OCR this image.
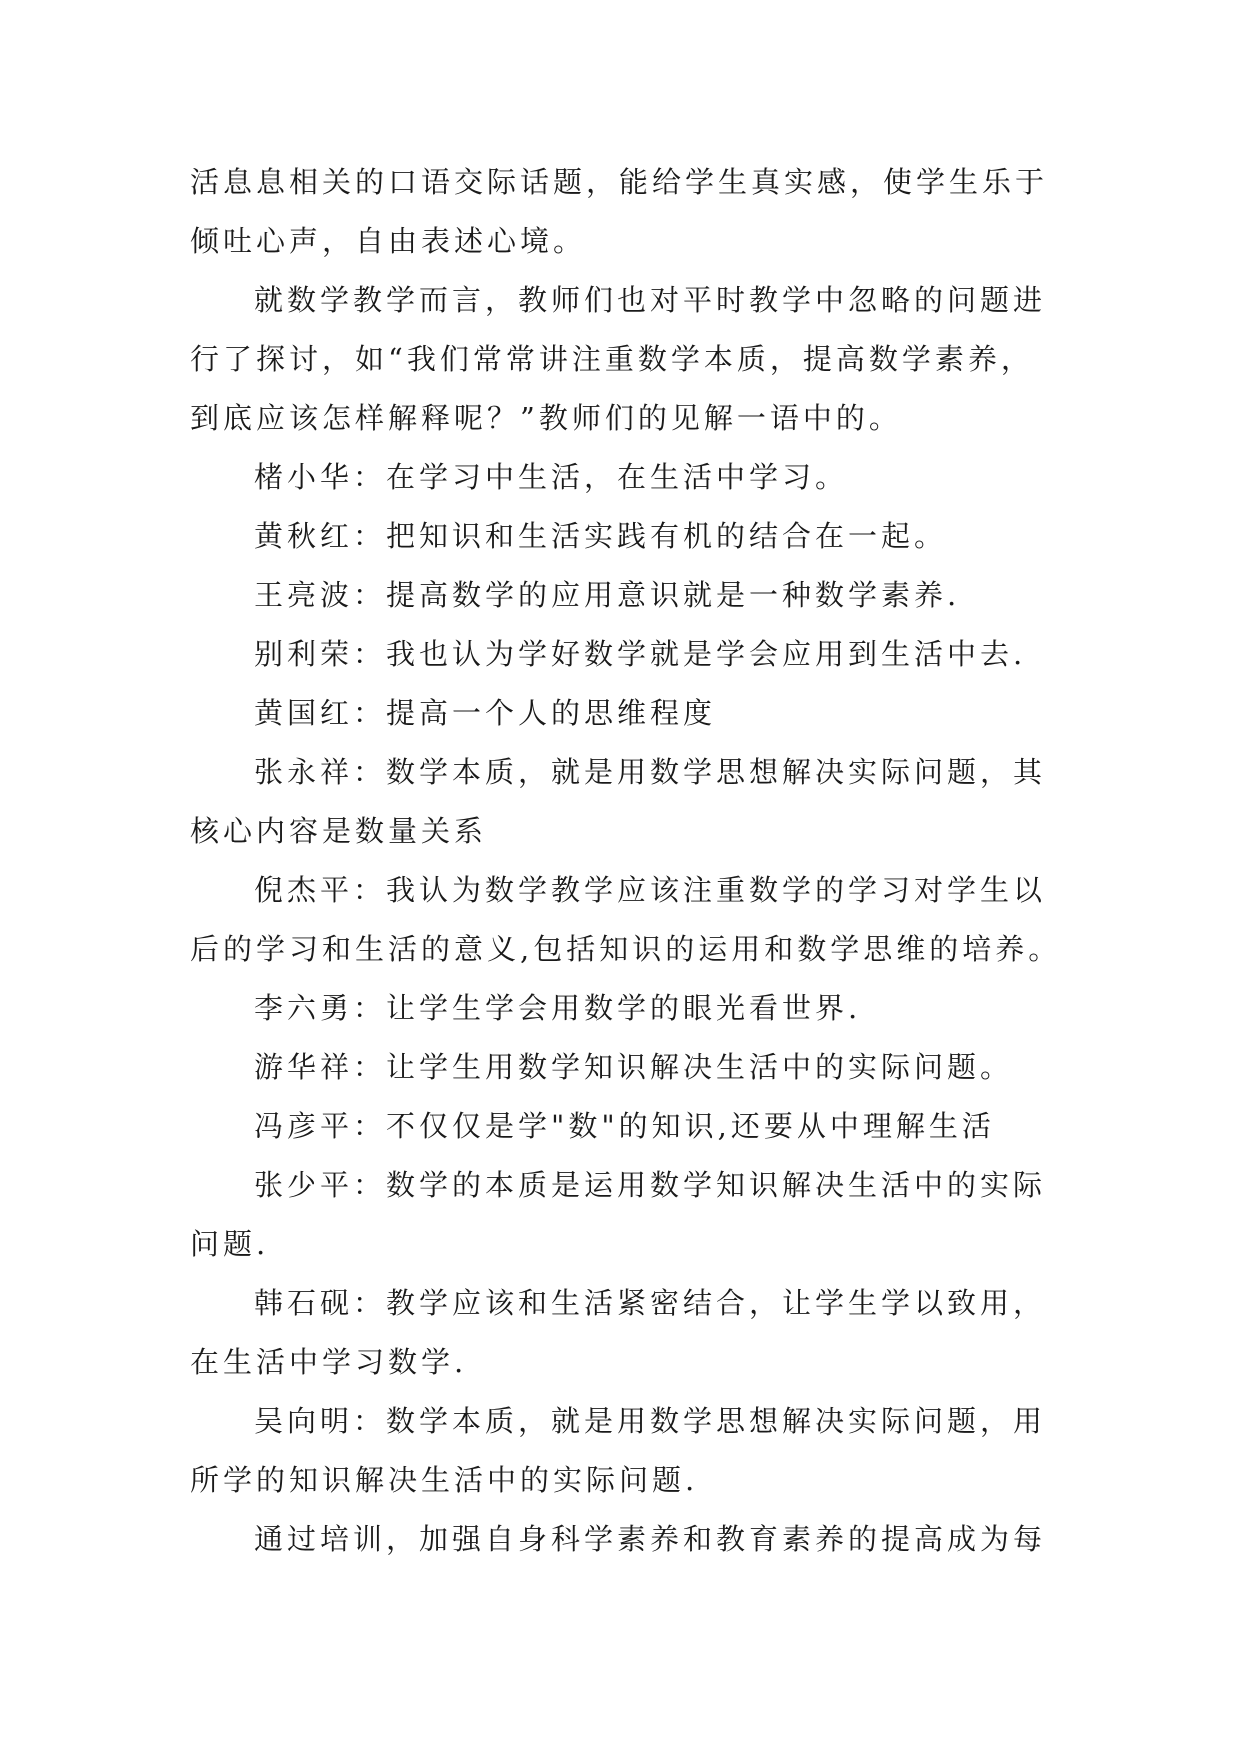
活息息相关的口语交际话题，能给学生真实感，使学生乐于
倾吐心声，自由表述心境。

就数学教学而言，教师们也对平时教学中忽略的问题进
行了探讨，如“我们常常讲注重数学本质，提高数学素养，
到底应该怎样解释呢？”教师们的见解一语中的。

楮小华：在学习中生活，在生活中学习。

黄秋红：把知识和生活实践有机的结合在一起。

王亮波：提高数学的应用意识就是一种数学素养.

别利荣：我也认为学好数学就是学会应用到生活中去.

黄国红：提高一个人的思维程度

张永祥：数学本质，就是用数学思想解决实际问题，其
核心内容是数量关系

倪杰平：我认为数学教学应该注重数学的学习对学生以
后的学习和生活的意义,包括知识的运用和数学思维的培养。

李六勇：让学生学会用数学的眼光看世界.

游华祥：让学生用数学知识解决生活中的实际问题。

冯彦平：不仅仅是学"数"的知识,还要从中理解生活

张少平：数学的本质是运用数学知识解决生活中的实际
问题.

韩石砚：教学应该和生活紧密结合，让学生学以致用，
在生活中学习数学.

吴向明：数学本质，就是用数学思想解决实际问题，用
所学的知识解决生活中的实际问题.

通过培训，加强自身科学素养和教育素养的提高成为每
